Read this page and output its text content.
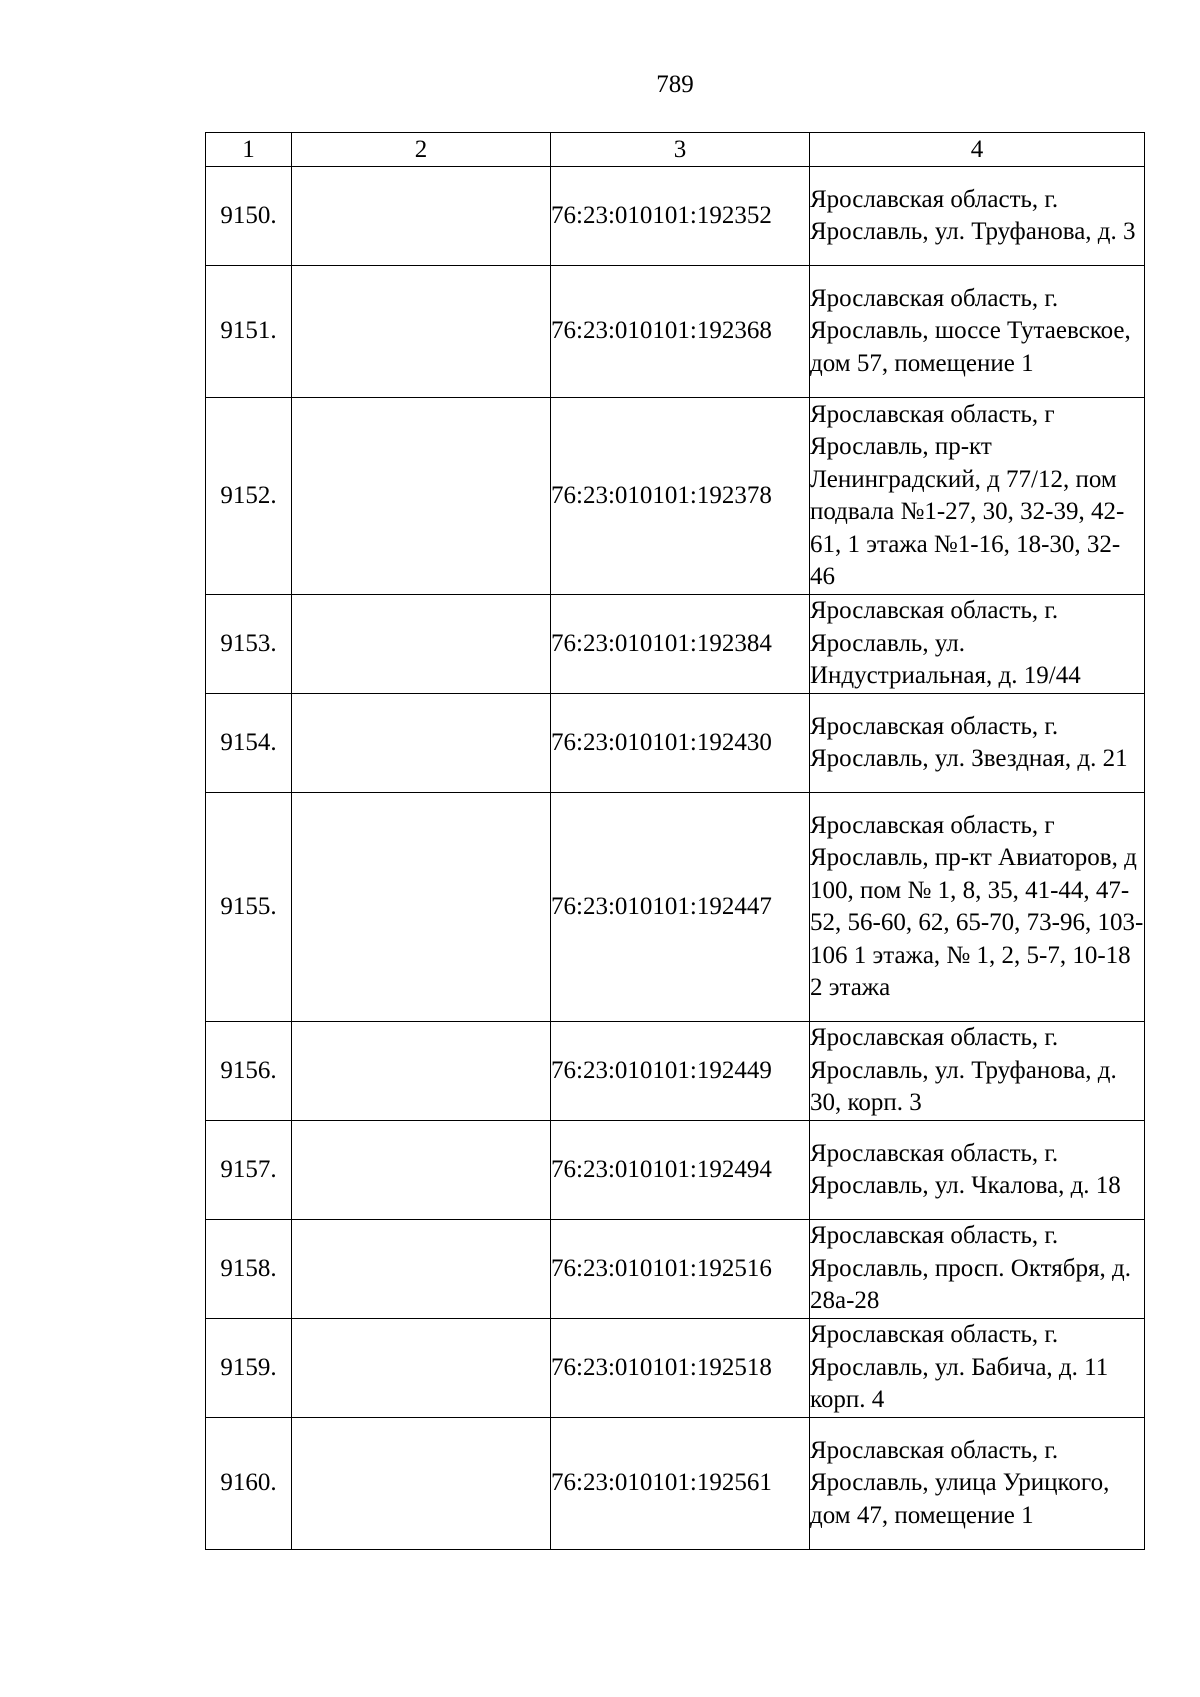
789
1	2	3	4
9150.		76:23:010101:192352	Ярославская область, г. Ярославль, ул. Труфанова, д. 3
9151.		76:23:010101:192368	Ярославская область, г. Ярославль, шоссе Тутаевское, дом 57, помещение 1
9152.		76:23:010101:192378	Ярославская область, г Ярославль, пр-кт Ленинградский, д 77/12, пом подвала №1-27, 30, 32-39, 42-61, 1 этажа №1-16, 18-30, 32-46
9153.		76:23:010101:192384	Ярославская область, г. Ярославль, ул. Индустриальная, д. 19/44
9154.		76:23:010101:192430	Ярославская область, г. Ярославль, ул. Звездная, д. 21
9155.		76:23:010101:192447	Ярославская область, г Ярославль, пр-кт Авиаторов, д 100, пом № 1, 8, 35, 41-44, 47-52, 56-60, 62, 65-70, 73-96, 103-106 1 этажа, № 1, 2, 5-7, 10-18 2 этажа
9156.		76:23:010101:192449	Ярославская область, г. Ярославль, ул. Труфанова, д. 30, корп. 3
9157.		76:23:010101:192494	Ярославская область, г. Ярославль, ул. Чкалова, д. 18
9158.		76:23:010101:192516	Ярославская область, г. Ярославль, просп. Октября, д. 28а-28
9159.		76:23:010101:192518	Ярославская область, г. Ярославль, ул. Бабича, д. 11 корп. 4
9160.		76:23:010101:192561	Ярославская область, г. Ярославль, улица Урицкого, дом 47, помещение 1
